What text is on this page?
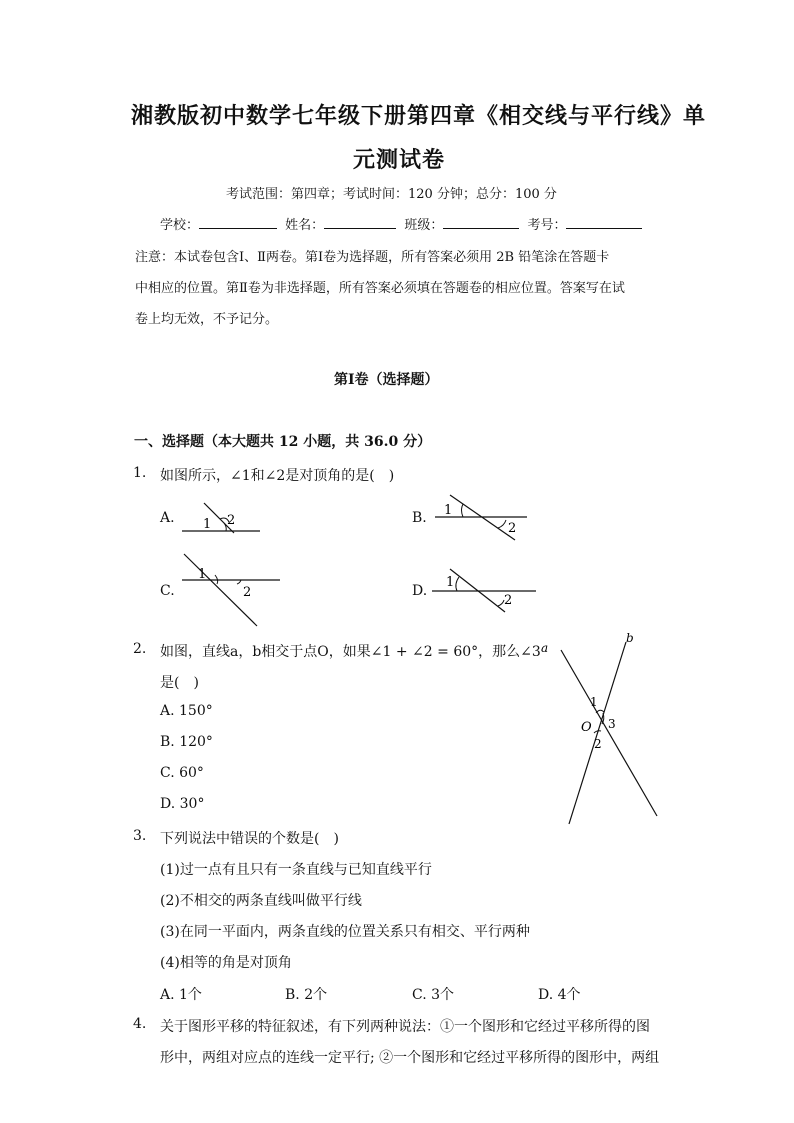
湘教版初中数学七年级下册第四章《相交线与平行线》单
元测试卷
考试范围：第四章；考试时间：120 分钟；总分：100 分
学校：	姓名：	班级：	考号：
注意：本试卷包含Ⅰ、Ⅱ两卷。第Ⅰ卷为选择题，所有答案必须用 2B 铅笔涂在答题卡
中相应的位置。第Ⅱ卷为非选择题，所有答案必须填在答题卷的相应位置。答案写在试
卷上均无效，不予记分。
第Ⅰ卷（选择题）
一、选择题（本大题共 12 小题，共 36.0 分）
1. 如图所示，∠1和∠2是对顶角的是(　)
A.	B.
C.	D.
1 2
1
2
1
2
1
2
2. 如图，直线a，b相交于点O，如果∠1 + ∠2 = 60°，那么∠3
是(　)
A. 150°
B. 120°
C. 60°
D. 30°
a
b
O
1
2
3
3. 下列说法中错误的个数是(　)
(1)过一点有且只有一条直线与已知直线平行
(2)不相交的两条直线叫做平行线
(3)在同一平面内，两条直线的位置关系只有相交、平行两种
(4)相等的角是对顶角
A. 1个	B. 2个	C. 3个	D. 4个
4. 关于图形平移的特征叙述，有下列两种说法：①一个图形和它经过平移所得的图
形中，两组对应点的连线一定平行; ②一个图形和它经过平移所得的图形中，两组
